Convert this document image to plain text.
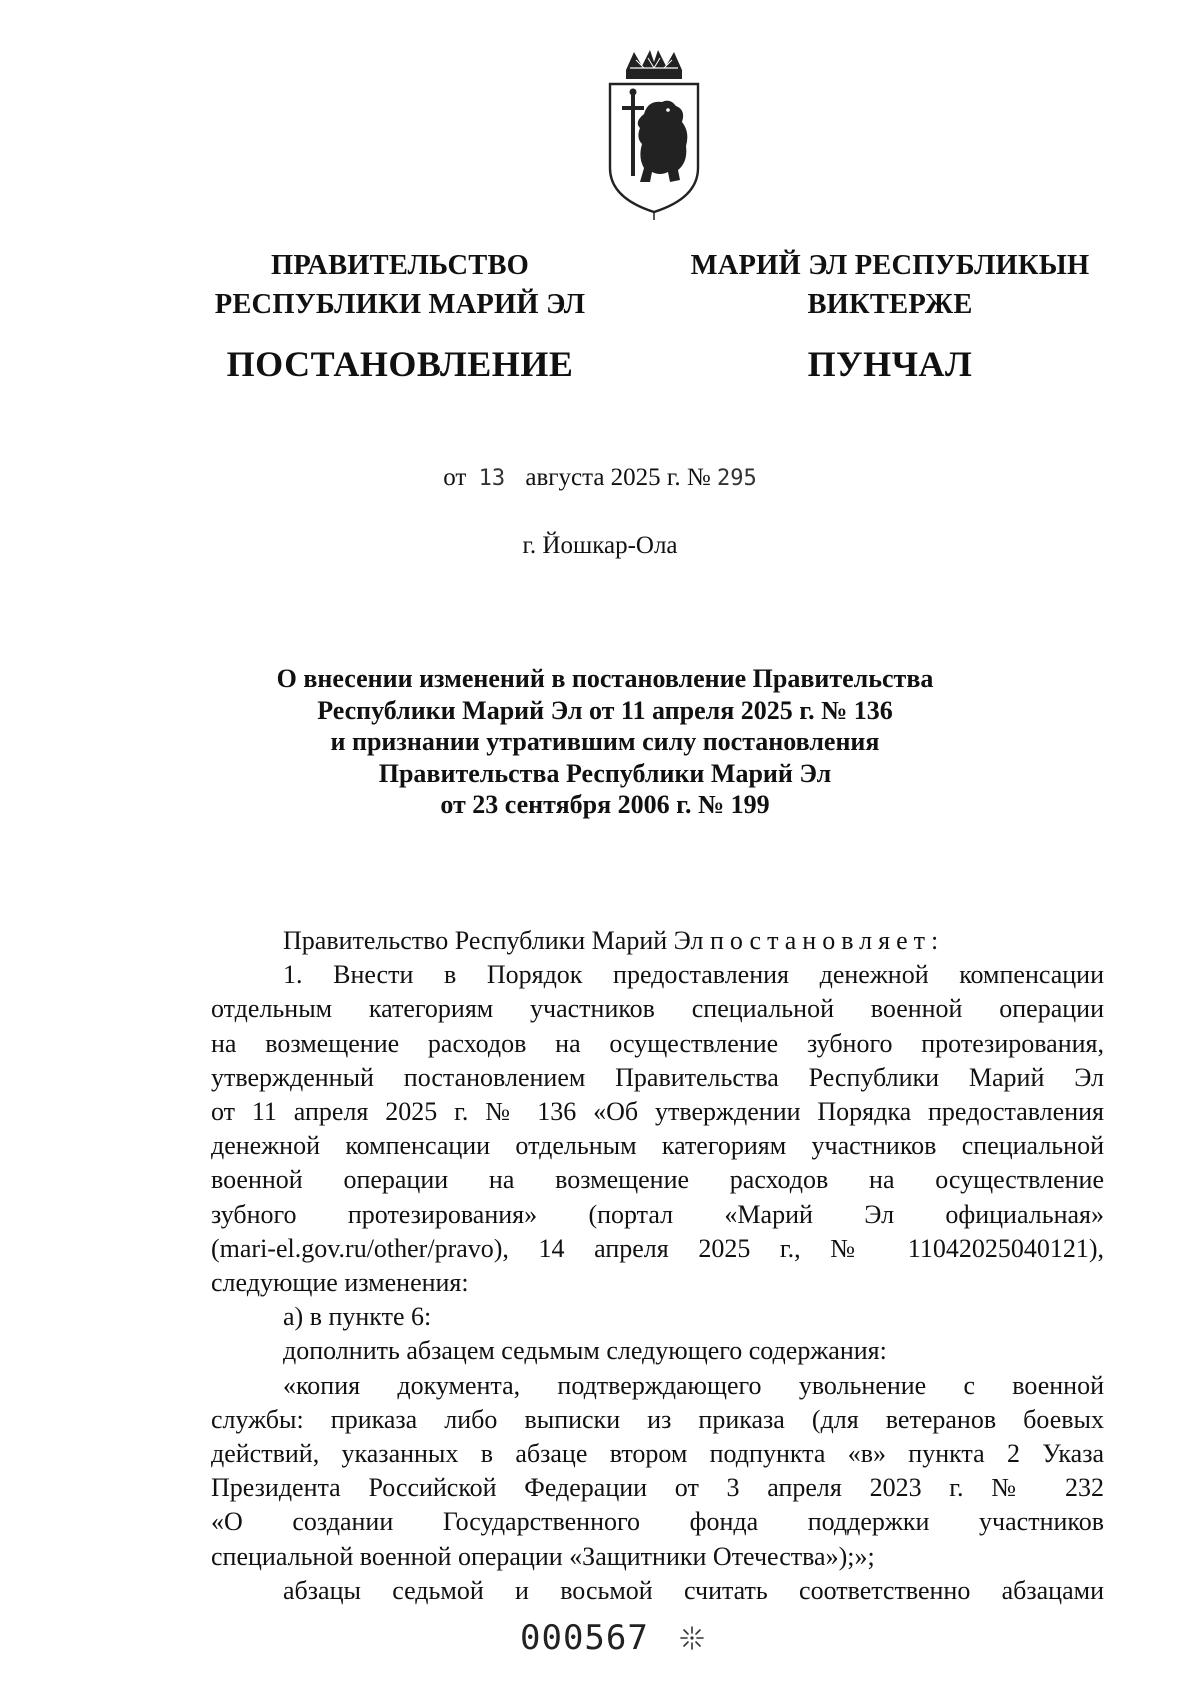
ПРАВИТЕЛЬСТВО
РЕСПУБЛИКИ МАРИЙ ЭЛ
ПОСТАНОВЛЕНИЕ
МАРИЙ ЭЛ РЕСПУБЛИКЫН
ВИКТЕРЖЕ
ПУНЧАЛ
от 13 августа 2025 г. № 295
г. Йошкар-Ола
О внесении изменений в постановление Правительства
Республики Марий Эл от 11 апреля 2025 г. № 136
и признании утратившим силу постановления
Правительства Республики Марий Эл
от 23 сентября 2006 г. № 199

Правительство Республики Марий Эл постановляет:

1. Внести в Порядок предоставления денежной компенсации

отдельным категориям участников специальной военной операции

на возмещение расходов на осуществление зубного протезирования,

утвержденный постановлением Правительства Республики Марий Эл

от 11 апреля 2025 г. № 136 «Об утверждении Порядка предоставления

денежной компенсации отдельным категориям участников специальной

военной операции на возмещение расходов на осуществление

зубного протезирования» (портал «Марий Эл официальная»

(mari-el.gov.ru/other/pravo), 14 апреля 2025 г., № 11042025040121),

следующие изменения:

а) в пункте 6:

дополнить абзацем седьмым следующего содержания:

«копия документа, подтверждающего увольнение с военной

службы: приказа либо выписки из приказа (для ветеранов боевых

действий, указанных в абзаце втором подпункта «в» пункта 2 Указа

Президента Российской Федерации от 3 апреля 2023 г. № 232

«О создании Государственного фонда поддержки участников

специальной военной операции «Защитники Отечества»);»;

абзацы седьмой и восьмой считать соответственно абзацами

000567
